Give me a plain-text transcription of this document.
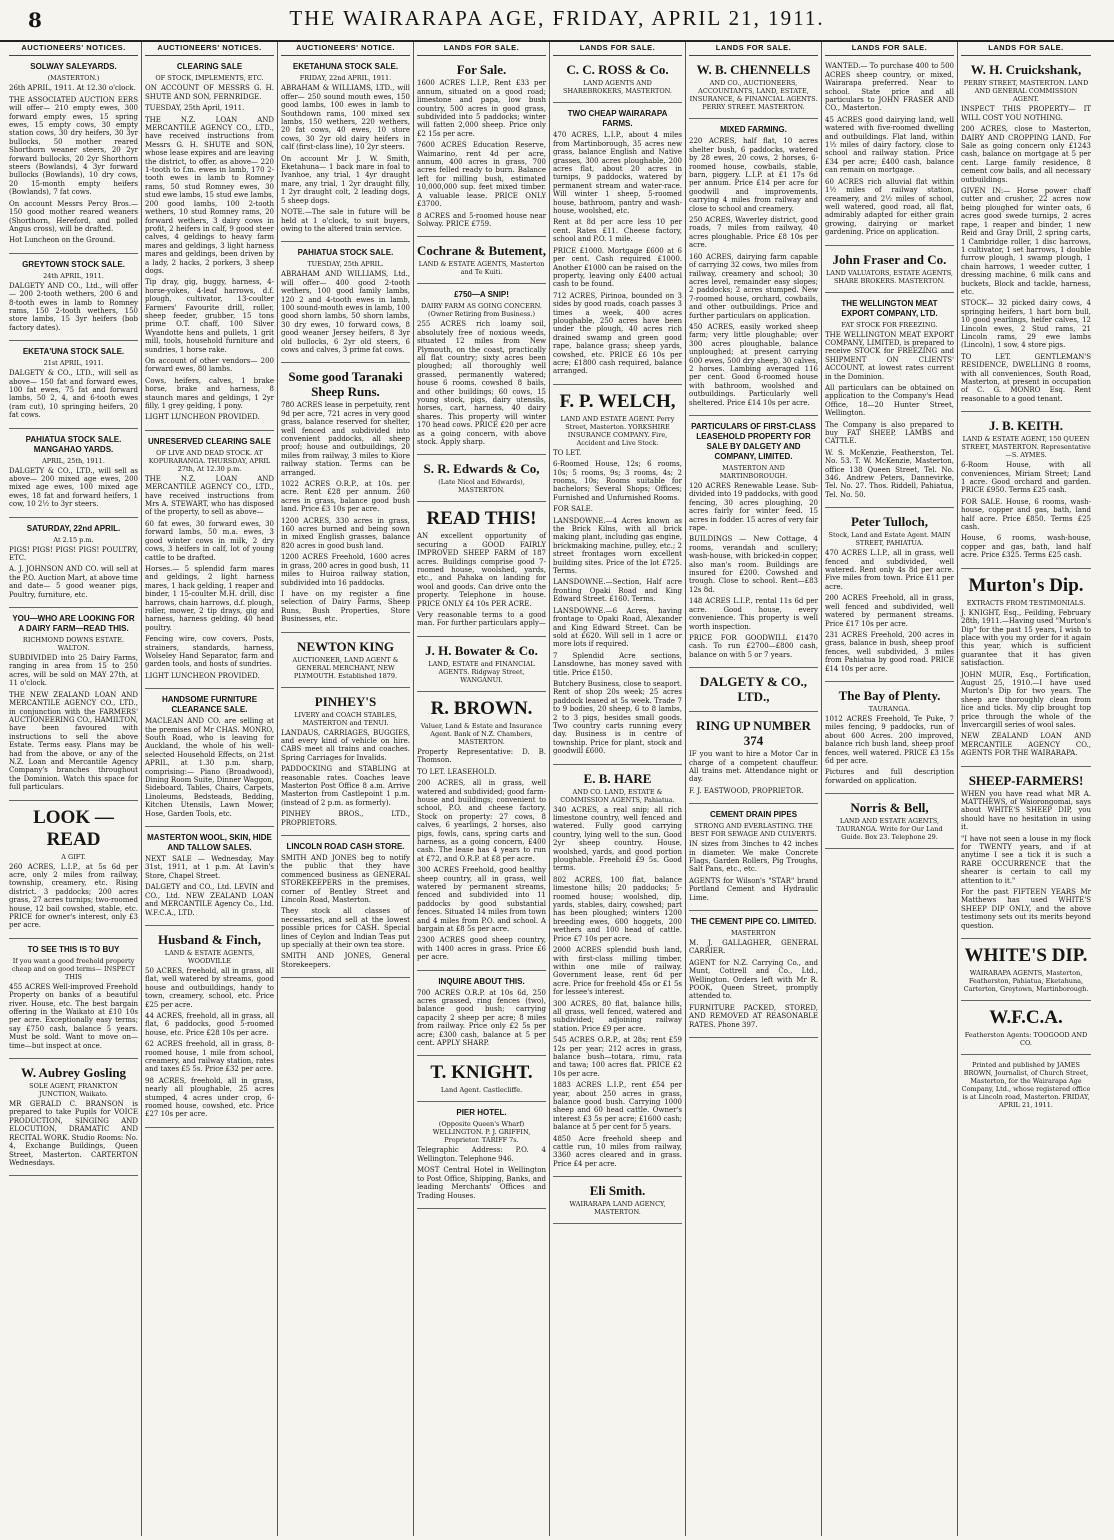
8	THE WAIRARAPA AGE, FRIDAY, APRIL 21, 1911.
AUCTIONEERS' NOTICES.
SOLWAY SALEYARDS.
(MASTERTON.)

26th APRIL, 1911. At 12.30 o'clock.

THE ASSOCIATED AUCTION EERS will offer— 210 empty ewes, 300 forward empty ewes, 15 spring ewes, 15 empty cows, 30 empty station cows, 30 dry heifers, 30 3yr bullocks, 50 mother reared Shorthorn weaner steers, 20 2yr forward bullocks, 20 2yr Shorthorn steers (Bowlands), 4 3yr forward bullocks (Bowlands), 10 dry cows, 20 15-month empty heifers (Bowlands), 7 fat cows.

On account Messrs Percy Bros.— 150 good mother reared weaners (Shorthorn, Hereford, and polled Angus cross), will be drafted.

Hot Luncheon on the Ground.

GREYTOWN STOCK SALE.
24th APRIL, 1911.

DALGETY AND CO., Ltd., will offer— 200 2-tooth wethers, 200 6 and 8-tooth ewes in lamb to Romney rams, 150 2-tooth wethers, 150 store lambs, 15 3yr heifers (bob factory dates).

EKETA'UNA STOCK SALE.
21st APRIL, 1911.

DALGETY & CO., LTD., will sell as above— 150 fat and forward ewes, 100 fat ewes, 75 fat and forward lambs, 50 2, 4, and 6-tooth ewes (ram cut), 10 springing heifers, 20 fat cows.

PAHIATUA STOCK SALE. MANGAHAO YARDS.
APRIL, 25th, 1911.

DALGETY & CO., LTD., will sell as above— 200 mixed age ewes, 200 mixed age ewes, 100 mixed age ewes, 18 fat and forward heifers, 1 cow, 10 2½ to 3yr steers.

SATURDAY, 22nd APRIL.
At 2.15 p.m.

PIGS! PIGS! PIGS! PIGS! POULTRY, ETC.

A. J. JOHNSON AND CO. will sell at the P.O. Auction Mart, at above time and date— 5 good weaner pigs, Poultry, furniture, etc.

YOU—WHO ARE LOOKING FOR A DAIRY FARM—READ THIS.
RICHMOND DOWNS ESTATE. WALTON.

SUBDIVIDED into 25 Dairy Farms, ranging in area from 15 to 250 acres, will be sold on MAY 27th, at 11 o'clock.

THE NEW ZEALAND LOAN AND MERCANTILE AGENCY CO., LTD., in conjunction with the FARMERS' AUCTIONEERING CO., HAMILTON, have been favoured with instructions to sell the above Estate. Terms easy. Plans may be had from the above, or any of the N.Z. Loan and Mercantile Agency Company's branches throughout the Dominion. Watch this space for full particulars.

LOOK — READ
A GIFT.

260 ACRES, L.I.P., at 5s 6d per acre, only 2 miles from railway, township, creamery, etc. Rising district. 3 paddocks; 200 acres grass, 27 acres turnips; two-roomed house, 12 bail cowshed, stable, etc. PRICE for owner's interest, only £3 per acre.

TO SEE THIS IS TO BUY
If you want a good freehold property cheap and on good terms— INSPECT THIS

455 ACRES Well-improved Freehold Property on banks of a beautiful river. House, etc. The best bargain offering in the Waikato at £10 10s per acre. Exceptionally easy terms; say £750 cash, balance 5 years. Must be sold. Want to move on—time—but inspect at once.

W. Aubrey Gosling
SOLE AGENT, FRANKTON JUNCTION, Waikato.

MR GERALD C. BRANSON is prepared to take Pupils for VOICE PRODUCTION, SINGING AND ELOCUTION, DRAMATIC AND RECITAL WORK. Studio Rooms: No. 4, Exchange Buildings, Queen Street, Masterton. CARTERTON Wednesdays.

AUCTIONEERS' NOTICES.
CLEARING SALE
OF STOCK, IMPLEMENTS, ETC.

ON ACCOUNT OF MESSRS G. H. SHUTE AND SON, FERNRIDGE.

TUESDAY, 25th April, 1911.

THE N.Z. LOAN AND MERCANTILE AGENCY CO., LTD., have received instructions from Messrs G. H. SHUTE and SON, whose lease expires and are leaving the district, to offer, as above— 220 1-tooth to f.m. ewes in lamb, 170 2-tooth ewes in lamb to Romney rams, 50 stud Romney ewes, 30 stud ewe lambs, 15 stud ewe lambs, 200 good lambs, 100 2-tooth wethers, 10 stud Romney rams, 20 forward wethers, 3 dairy cows in profit, 2 heifers in calf, 9 good steer calves, 4 geldings to heavy farm mares and geldings, 3 light harness mares and geldings, been driven by a lady, 2 hacks, 2 porkers, 3 sheep dogs.

Tip dray, gig, buggy, harness, 4-horse-yokes, 4-leaf harrows, d.f. plough, cultivator, 13-coulter Farmers' Favourite drill, roller, sheep feeder, grubber, 15 tons prime O.T. chaff, 100 Silver Wyandotte hens and pullets, 1 grit mill, tools, household furniture and sundries, 1 horse rake.

On account of other vendors— 200 forward ewes, 80 lambs.

Cows, heifers, calves, 1 brake horse, brake and harness, 8 staunch mares and geldings, 1 2yr filly, 1 grey gelding, 1 pony.

LIGHT LUNCHEON PROVIDED.

UNRESERVED CLEARING SALE
OF LIVE AND DEAD STOCK. AT KOPURARANGA. THURSDAY, APRIL 27th, At 12.30 p.m.

THE N.Z. LOAN AND MERCANTILE AGENCY CO., LTD., have received instructions from Mrs A. STEWART, who has disposed of the property, to sell as above—

60 fat ewes, 30 forward ewes, 30 forward lambs, 50 m.a. ewes, 3 good winter cows in milk, 2 dry cows, 3 heifers in calf, lot of young cattle to be drafted.

Horses.— 5 splendid farm mares and geldings, 2 light harness mares, 1 hack gelding, 1 reaper and binder, 1 15-coulter M.H. drill, disc harrows, chain harrows, d.f. plough, roller, mower, 2 tip drays, gig and harness, harness gelding. 40 head poultry.

Fencing wire, cow covers, Posts, strainers, standards, harness, Wolseley Hand Separator, farm and garden tools, and hosts of sundries.

LIGHT LUNCHEON PROVIDED.

HANDSOME FURNITURE CLEARANCE SALE.

MACLEAN AND CO. are selling at the premises of Mr CHAS. MONRO, South Road, who is leaving for Auckland, the whole of his well-selected Household Effects, on 21st APRIL, at 1.30 p.m. sharp, comprising:— Piano (Broadwood), Dining Room Suite, Dinner Waggon, Sideboard, Tables, Chairs, Carpets, Linoleums, Bedsteads, Bedding, Kitchen Utensils, Lawn Mower, Hose, Garden Tools, etc.

MASTERTON WOOL, SKIN, HIDE AND TALLOW SALES.

NEXT SALE — Wednesday, May 31st, 1911, at 1 p.m. At Lavin's Store, Chapel Street.

DALGETY and CO., Ltd. LEVIN and CO., Ltd. NEW ZEALAND LOAN and MERCANTILE Agency Co., Ltd. W.F.C.A., LTD.

Husband & Finch,
LAND & ESTATE AGENTS, WOODVILLE

50 ACRES, freehold, all in grass, all flat, well watered by streams, good house and outbuildings, handy to town, creamery, school, etc. Price £25 per acre.

44 ACRES, freehold, all in grass, all flat, 6 paddocks, good 5-roomed house, etc. Price £28 10s per acre.

62 ACRES freehold, all in grass, 8-roomed house, 1 mile from school, creamery, and railway station, rates and taxes £5 5s. Price £32 per acre.

98 ACRES, freehold, all in grass, nearly all ploughable, 25 acres stumped, 4 acres under crop, 6-roomed house, cowshed, etc. Price £27 10s per acre.

AUCTIONEERS' NOTICE.
EKETAHUNA STOCK SALE.
FRIDAY, 22nd APRIL, 1911.

ABRAHAM & WILLIAMS, LTD., will offer— 250 sound mouth ewes, 150 good lambs, 100 ewes in lamb to Southdown rams, 100 mixed sex lambs, 150 wethers, 220 wethers, 20 fat cows, 40 ewes, 10 store cows, 30 2yr old dairy heifers in calf (first-class line), 10 2yr steers.

On account Mr J. W. Smith, Eketahuna— 1 back mare in foal to Ivanhoe, any trial, 1 4yr draught mare, any trial, 1 2yr draught filly, 1 2yr draught colt, 2 leading dogs, 5 sheep dogs.

NOTE.—The sale in future will be held at 1 o'clock, to suit buyers, owing to the altered train service.

PAHIATUA STOCK SALE.
TUESDAY, 25th APRIL.

ABRAHAM AND WILLIAMS, Ltd., will offer— 400 good 2-tooth wethers, 100 good family lambs, 120 2 and 4-tooth ewes in lamb, 100 sound-mouth ewes in lamb, 100 good shorn lambs, 50 shorn lambs, 30 dry ewes, 10 forward cows, 8 good weaner Jersey heifers, 8 3yr old bullocks, 6 2yr old steers, 6 cows and calves, 3 prime fat cows.

Some good Taranaki Sheep Runs.

780 ACRES lease in perpetuity, rent 9d per acre, 721 acres in very good grass, balance reserved for shelter, well fenced and subdivided into convenient paddocks, all sheep proof; house and outbuildings, 20 miles from railway, 3 miles to Kiore railway station. Terms can be arranged.

1022 ACRES O.R.P., at 10s. per acre. Rent £28 per annum. 260 acres in grass, balance good bush land. Price £3 10s per acre.

1200 ACRES, 330 acres in grass, 160 acres burned and being sown in mixed English grasses, balance 820 acres in good bush land.

1200 ACRES Freehold, 1600 acres in grass, 200 acres in good bush, 11 miles to Huiroa railway station, subdivided into 16 paddocks.

I have on my register a fine selection of Dairy Farms, Sheep Runs, Bush Properties, Store Businesses, etc.

NEWTON KING
AUCTIONEER, LAND AGENT & GENERAL MERCHANT, NEW PLYMOUTH. Established 1879.
PINHEY'S
LIVERY and COACH STABLES, MASTERTON and TENUI.

LANDAUS, CARRIAGES, BUGGIES, and every kind of vehicle on hire. CABS meet all trains and coaches. Spring Carriages for Invalids.

PADDOCKING and STABLING at reasonable rates. Coaches leave Masterton Post Office 8 a.m. Arrive Masterton from Castlepoint 1 p.m. (instead of 2 p.m. as formerly).

PINHEY BROS., LTD., PROPRIETORS.

LINCOLN ROAD CASH STORE.

SMITH AND JONES beg to notify the public that they have commenced business as GENERAL STOREKEEPERS in the premises, corner of Bentley Street and Lincoln Road, Masterton.

They stock all classes of necessaries, and sell at the lowest possible prices for CASH. Special lines of Ceylon and Indian Teas put up specially at their own tea store.

SMITH AND JONES, General Storekeepers.

LANDS FOR SALE.
For Sale.

1600 ACRES L.I.P., Rent £33 per annum, situated on a good road; limestone and papa, low bush country, 500 acres in good grass, subdivided into 5 paddocks; winter will fatten 2,000 sheep. Price only £2 15s per acre.

7600 ACRES Education Reserve, Waimarino, rent 4d per acre, annum, 400 acres in grass, 700 acres felled ready to burn. Balance left for milling bush, estimated 10,000,000 sup. feet mixed timber. A valuable lease. PRICE ONLY £3700.

8 ACRES and 5-roomed house near Solway. PRICE £759.

Cochrane & Butement,
LAND & ESTATE AGENTS, Masterton and Te Kuiti.
£750—A SNIP!
DAIRY FARM AS GOING CONCERN. (Owner Retiring from Business.)

255 ACRES rich loamy soil, absolutely free of noxious weeds, situated 12 miles from New Plymouth, on the coast, practically all flat country; sixty acres been ploughed; all thoroughly well grassed, permanently watered; house 6 rooms, cowshed 8 bails, and other buildings; 60 cows, 15 young stock, pigs, dairy utensils, horses, cart, harness, 40 dairy shares. This property will winter 170 head cows. PRICE £20 per acre as a going concern, with above stock. Apply sharp.

S. R. Edwards & Co,
(Late Nicol and Edwards), MASTERTON.
READ THIS!

AN excellent opportunity of securing a GOOD FAIRLY IMPROVED SHEEP FARM of 187 acres. Buildings comprise good 7-roomed house, woolshed, yards, etc., and Pahaka on landing for wool and goods. Can drive onto the property. Telephone in house. PRICE ONLY £4 10s PER ACRE.

Very reasonable terms to a good man. For further particulars apply—

J. H. Bowater & Co.
LAND, ESTATE and FINANCIAL AGENTS. Ridgway Street, WANGANUI.
R. BROWN.
Valuer, Land & Estate and Insurance Agent. Bank of N.Z. Chambers, MASTERTON.

Property Representative: D. B. Thomson.

TO LET. LEASEHOLD.

200 ACRES, all in grass, well watered and subdivided; good farm-house and buildings; convenient to school, P.O. and cheese factory. Stock on property: 27 cows, 8 calves, 6 yearlings, 2 horses, also pigs, fowls, cans, spring carts and harness, as a going concern, £400 cash. The lease has 4 years to run at £72, and O.R.P. at £8 per acre.

300 ACRES Freehold, good healthy sheep country, all in grass, well watered by permanent streams, fenced and subdivided into 11 paddocks by good substantial fences. Situated 14 miles from town and 4 miles from P.O. and school. A bargain at £8 5s per acre.

2300 ACRES good sheep country, with 1400 acres in grass. Price £6 per acre.

INQUIRE ABOUT THIS.

700 ACRES O.R.P. at 10s 6d, 250 acres grassed, ring fences (two), balance good bush; carrying capacity 2 sheep per acre; 8 miles from railway. Price only £2 5s per acre; £300 cash, balance at 5 per cent. APPLY SHARP.

T. KNIGHT.
Land Agent. Castlecliffe.
PIER HOTEL.
(Opposite Queen's Wharf) WELLINGTON. P. J. GRIFFIN, Proprietor. TARIFF 7s.

Telegraphic Address: P.O. 4 Wellington. Telephone 946.

MOST Central Hotel in Wellington to Post Office, Shipping, Banks, and leading Merchants' Offices and Trading Houses.

LANDS FOR SALE.
C. C. ROSS & Co.
LAND AGENTS AND SHAREBROKERS, MASTERTON.
TWO CHEAP WAIRARAPA FARMS.

470 ACRES, L.I.P., about 4 miles from Martinborough, 35 acres new grass, balance English and Native grasses, 300 acres ploughable, 200 acres flat, about 20 acres in turnips, 9 paddocks, watered by permanent stream and water-race. Will winter 1 sheep, 5-roomed house, bathroom, pantry and wash-house, woolshed, etc.

Rent at 8d per acre less 10 per cent. Rates £11. Cheese factory, school and P.O. 1 mile.

PRICE £1000. Mortgage £600 at 6 per cent. Cash required £1000. Another £1000 can be raised on the property, leaving only £400 actual cash to be found.

712 ACRES, Pirinoa, bounded on 3 sides by good roads, coach passes 3 times a week, 400 acres ploughable, 250 acres have been under the plough, 40 acres rich drained swamp and green good rape, balance grass; sheep yards, cowshed, etc. PRICE £6 10s per acre; £1800 cash required, balance arranged.

F. P. WELCH,
LAND AND ESTATE AGENT. Perry Street, Masterton. YORKSHIRE INSURANCE COMPANY. Fire, Accident and Live Stock.

TO LET.

6-Roomed House, 12s; 6 rooms, 10s; 5 rooms, 9s; 3 rooms, 4s; 2 rooms, 10s; Rooms suitable for bachelors; Several Shops; Offices; Furnished and Unfurnished Rooms.

FOR SALE.

LANSDOWNE.—4 Acres known as the Brick Kilns, with all brick making plant, including gas engine, brickmaking machine, pulley, etc.; 2 street frontages worn excellent building sites. Price of the lot £725. Terms.

LANSDOWNE.—Section, Half acre fronting Opaki Road and King Edward Street. £160. Terms.

LANSDOWNE.—6 Acres, having frontage to Opaki Road, Alexander and King Edward Street. Can be sold at £620. Will sell in 1 acre or more lots if required.

7 Splendid Acre sections, Lansdowne, has money saved with title. Price £150.

Butchery Business, close to seaport. Rent of shop 20s week; 25 acres paddock leased at 5s week. Trade 7 to 9 bodies, 20 sheep, 6 to 8 lambs, 2 to 3 pigs, besides small goods. Two country carts running every day. Business is in centre of township. Price for plant, stock and goodwill £600.

E. B. HARE
AND CO. LAND, ESTATE & COMMISSION AGENTS, Pahiatua.

340 ACRES, a real snip; all rich limestone country, well fenced and watered. Fully good carrying country, lying well to the sun. Good 2yr sheep country. House, woolshed, yards, and good portion ploughable. Freehold £9 5s. Good terms.

802 ACRES, 100 flat, balance limestone hills; 20 paddocks; 5-roomed house; woolshed, dip, yards, stables, dairy, cowshed; part has been ploughed; winters 1200 breeding ewes, 600 hoggets, 200 wethers and 100 head of cattle. Price £7 10s per acre.

2000 ACRES splendid bush land, with first-class milling timber, within one mile of railway. Government lease, rent 6d per acre. Price for freehold 45s or £1 5s for lessee's interest.

300 ACRES, 80 flat, balance hills, all grass, well fenced, watered and subdivided; adjoining railway station. Price £9 per acre.

545 ACRES O.R.P., at 28s; rent £59 12s per year; 212 acres in grass, balance bush—totara, rimu, rata and tawa; 100 acres flat. PRICE £2 10s per acre.

1883 ACRES L.I.P., rent £54 per year, about 250 acres in grass, balance good bush. Carrying 1000 sheep and 60 head cattle. Owner's interest £3 5s per acre; £1600 cash; balance at 5 per cent for 5 years.

4850 Acre freehold sheep and cattle run, 10 miles from railway, 3360 acres cleared and in grass. Price £4 per acre.

Eli Smith.
WAIRARAPA LAND AGENCY, MASTERTON.
LANDS FOR SALE.
W. B. CHENNELLS
AND CO., AUCTIONEERS, ACCOUNTANTS, LAND, ESTATE, INSURANCE, & FINANCIAL AGENTS. PERRY STREET. MASTERTON.
MIXED FARMING.

220 ACRES, half flat, 10 acres shelter bush, 6 paddocks, watered by 28 ewes, 20 cows, 2 horses, 6-roomed house, cowbails, stable, barn, piggery. L.I.P. at £1 17s 6d per annum. Price £14 per acre for goodwill and improvements, carrying 4 miles from railway and close to school and creamery.

250 ACRES, Waverley district, good roads, 7 miles from railway, 40 acres ploughable. Price £8 10s per acre.

160 ACRES, dairying farm capable of carrying 32 cows, two miles from railway, creamery and school; 30 acres level, remainder easy slopes; 2 paddocks; 2 acres stumped. New 7-roomed house, orchard, cowbails, and other outbuildings. Price and further particulars on application.

450 ACRES, easily worked sheep farm; very little ploughable; over 300 acres ploughable, balance unploughed; at present carrying 600 ewes, 500 dry sheep, 30 calves, 2 horses. Lambing averaged 116 per cent. Good 6-roomed house with bathroom, woolshed and outbuildings. Particularly well sheltered. Price £14 10s per acre.

PARTICULARS OF FIRST-CLASS LEASEHOLD PROPERTY FOR SALE BY DALGETY AND COMPANY, LIMITED.
MASTERTON AND MARTINBOROUGH.

120 ACRES Renewable Lease. Sub-divided into 19 paddocks, with good fencing, 30 acres ploughing, 20 acres fairly for winter feed. 15 acres in fodder. 15 acres of very fair rape.

BUILDINGS — New Cottage, 4 rooms, verandah and scullery; wash-house, with bricked-in copper, also man's room. Buildings are insured for £200. Cowshed and trough. Close to school. Rent—£83 12s 8d.

148 ACRES L.I.P., rental 11s 6d per acre. Good house, every convenience. This property is well worth inspection.

PRICE FOR GOODWILL £1470 cash. To run £2700—£800 cash, balance on with 5 or 7 years.

DALGETY & CO., LTD.,
RING UP NUMBER 374

IF you want to hire a Motor Car in charge of a competent chauffeur. All trains met. Attendance night or day.

F. J. EASTWOOD, PROPRIETOR.

CEMENT DRAIN PIPES
STRONG AND EVERLASTING. THE BEST FOR SEWAGE AND CULVERTS.

IN sizes from 3inches to 42 inches in diameter. We make Concrete Flags, Garden Rollers, Pig Troughs, Salt Pans, etc., etc.

AGENTS for Wilson's "STAR" brand Portland Cement and Hydraulic Lime.

THE CEMENT PIPE CO. LIMITED.
MASTERTON

M. J. GALLAGHER, GENERAL CARRIER.

AGENT for N.Z. Carrying Co., and Munt, Cottrell and Co., Ltd., Wellington. Orders left with Mr R. POOK, Queen Street, promptly attended to.

FURNITURE PACKED, STORED, AND REMOVED AT REASONABLE RATES. Phone 397.

LANDS FOR SALE.

WANTED.— To purchase 400 to 500 ACRES sheep country, or mixed, Wairarapa preferred. Near to school. State price and all particulars to JOHN FRASER AND CO., Masterton.

45 ACRES good dairying land, well watered with five-roomed dwelling and outbuildings. Flat land, within 1½ miles of dairy factory, close to school and railway station. Price £34 per acre; £400 cash, balance can remain on mortgage.

60 ACRES rich alluvial flat within 1½ miles of railway station, creamery, and 2½ miles of school, well watered, good road, all flat, admirably adapted for either grain growing, dairying or market gardening. Price on application.

John Fraser and Co.
LAND VALUATORS, ESTATE AGENTS, SHARE BROKERS. MASTERTON.
THE WELLINGTON MEAT EXPORT COMPANY, LTD.
FAT STOCK FOR FREEZING.

THE WELLINGTON MEAT EXPORT COMPANY, LIMITED, is prepared to receive STOCK for FREEZING and SHIPMENT ON CLIENTS' ACCOUNT, at lowest rates current in the Dominion.

All particulars can be obtained on application to the Company's Head Office, 18—20 Hunter Street, Wellington.

The Company is also prepared to buy FAT SHEEP, LAMBS and CATTLE.

W. S. McKenzie, Featherston, Tel. No. 53. T. W. McKenzie, Masterton, office 138 Queen Street, Tel. No. 346. Andrew Peters, Dannevirke, Tel. No. 27. Thos. Riddell, Pahiatua, Tel. No. 50.

Peter Tulloch,
Stock, Land and Estate Agent. MAIN STREET, PAHIATUA.

470 ACRES L.I.P., all in grass, well fenced and subdivided, well watered. Rent only 4s 8d per acre. Five miles from town. Price £11 per acre.

200 ACRES Freehold, all in grass, well fenced and subdivided, well watered by permanent streams. Price £17 10s per acre.

231 ACRES Freehold, 200 acres in grass, balance in bush, sheep proof fences, well subdivided, 3 miles from Pahiatua by good road. PRICE £14 10s per acre.

The Bay of Plenty.
TAURANGA.

1012 ACRES Freehold, Te Puke, 7 miles fencing, 9 paddocks, run of about 600 Acres. 200 improved, balance rich bush land, sheep proof fences, well watered. PRICE £3 15s 6d per acre.

Pictures and full description forwarded on application.

Norris & Bell,
LAND AND ESTATE AGENTS, TAURANGA. Write for Our Land Guide. Box 23. Telephone 29.
LANDS FOR SALE.
W. H. Cruickshank,
PERRY STREET, MASTERTON. LAND AND GENERAL COMMISSION AGENT.

INSPECT THIS PROPERTY— IT WILL COST YOU NOTHING.

200 ACRES, close to Masterton, DAIRY AND CROPPING LAND. For Sale as going concern only £1243 cash, balance on mortgage at 5 per cent. Large family residence, 8 cement cow bails, and all necessary outbuildings.

GIVEN IN:— Horse power chaff cutter and crusher, 22 acres now being ploughed for winter oats, 6 acres good swede turnips, 2 acres rape, 1 reaper and binder, 1 new Reid and Gray Drill, 2 spring carts, 1 Cambridge roller, 1 disc harrows, 1 cultivator, 1 set harrows, 1 double furrow plough, 1 swamp plough, 1 chain harrows, 1 weeder cutter, 1 dressing machine, 6 milk cans and buckets, Block and tackle, harness, etc.

STOCK— 32 picked dairy cows, 4 springing heifers, 1 hart born bull, 10 good yearlings, heifer calves, 12 Lincoln ewes, 2 Stud rams, 21 Lincoln rams, 29 ewe lambs (Lincoln), 1 sow, 4 store pigs.

TO LET. GENTLEMAN'S RESIDENCE, DWELLING 8 rooms, with all conveniences, South Road, Masterton, at present in occupation of C. G. MONRO Esq. Rent reasonable to a good tenant.

J. B. KEITH.
LAND & ESTATE AGENT, 150 QUEEN STREET, MASTERTON. Representative—S. AYMES.

6-Room House, with all conveniences, Miriam Street; Land 1 acre. Good orchard and garden. PRICE £950. Terms £25 cash.

FOR SALE. House, 6 rooms, wash-house, copper and gas, bath, land half acre. Price £850. Terms £25 cash.

House, 6 rooms, wash-house, copper and gas, bath, land half acre. Price £325. Terms £25 cash.

Murton's Dip.
EXTRACTS FROM TESTIMONIALS.

J. KNIGHT, Esq., Feilding, February 28th, 1911.—Having used "Murton's Dip" for the past 15 years, I wish to place with you my order for it again this year, which is sufficient guarantee that it has given satisfaction.

JOHN MUIR, Esq., Fortification, August 25, 1910.—I have used Murton's Dip for two years. The sheep are thoroughly clean from lice and ticks. My clip brought top price through the whole of the Invercargill series of wool sales.

NEW ZEALAND LOAN AND MERCANTILE AGENCY CO., AGENTS FOR THE WAIRARAPA.

SHEEP-FARMERS!

WHEN you have read what MR A. MATTHEWS, of Waiorongomai, says about WHITE'S SHEEP DIP, you should have no hesitation in using it.

"I have not seen a louse in my flock for TWENTY years, and if at anytime I see a tick it is such a RARE OCCURRENCE that the shearer is certain to call my attention to it."

For the past FIFTEEN YEARS Mr Matthews has used WHITE'S SHEEP DIP ONLY, and the above testimony sets out its merits beyond question.

WHITE'S DIP.
WAIRARAPA AGENTS, Masterton, Featherston, Pahiatua, Eketahuna, Carterton, Greytown, Martinborough.
W.F.C.A.
Featherston Agents: TOOGOOD AND CO.
Printed and published by JAMES BROWN, Journalist, of Church Street, Masterton, for the Wairarapa Age Company, Ltd., whose registered office is at Lincoln road, Masterton. FRIDAY, APRIL 21, 1911.
